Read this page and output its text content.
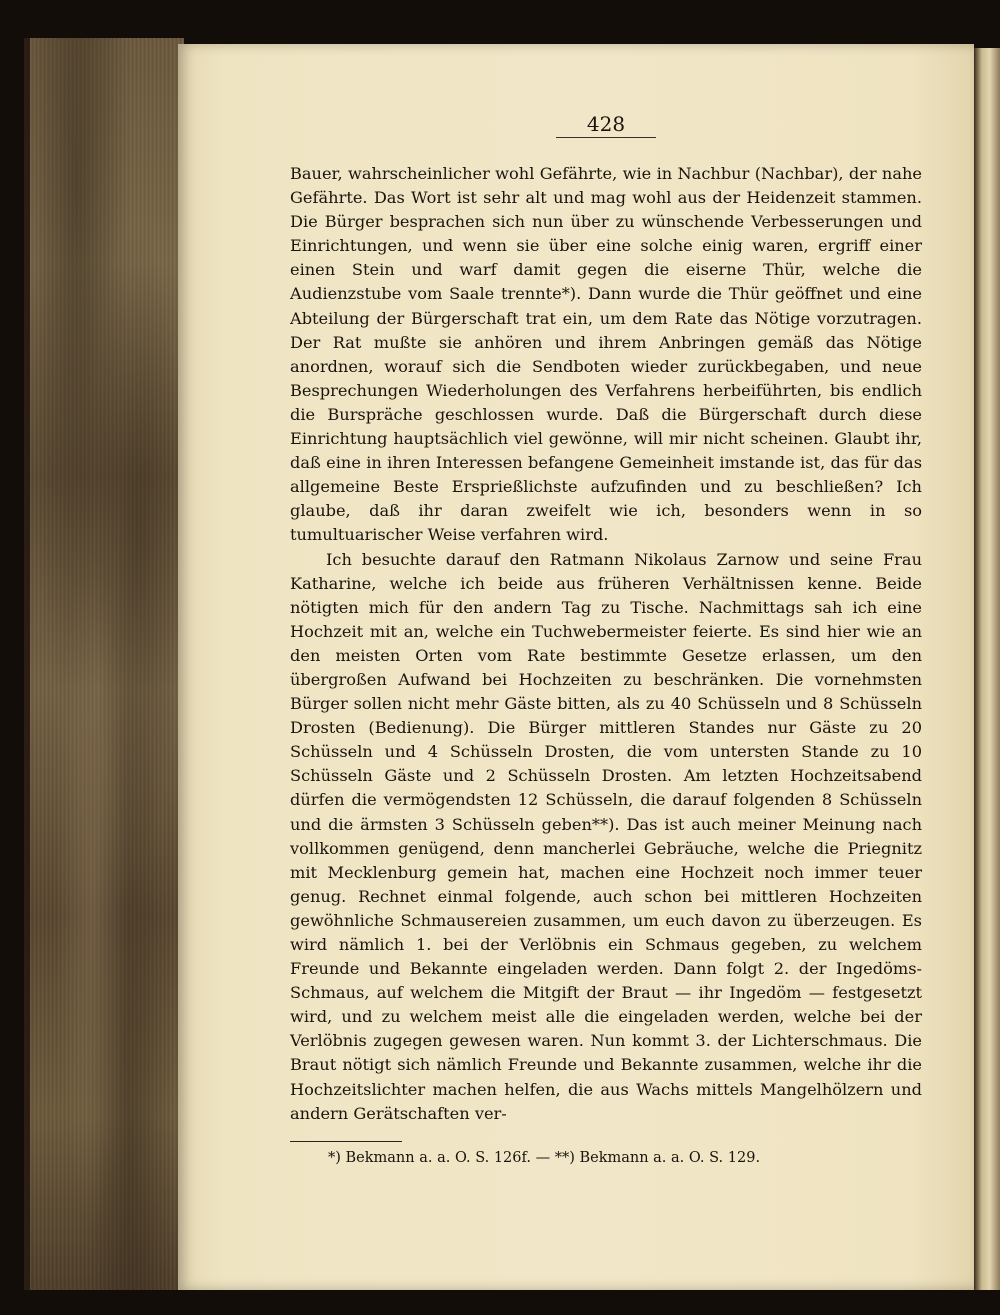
428

Bauer, wahrscheinlicher wohl Gefährte, wie in Nachbur (Nachbar), der nahe Gefährte. Das Wort ist sehr alt und mag wohl aus der Heidenzeit stammen. Die Bürger besprachen sich nun über zu wünschende Verbesserungen und Einrichtungen, und wenn sie über eine solche einig waren, ergriff einer einen Stein und warf damit gegen die eiserne Thür, welche die Audienzstube vom Saale trennte*). Dann wurde die Thür geöffnet und eine Abteilung der Bürgerschaft trat ein, um dem Rate das Nötige vorzutragen. Der Rat mußte sie anhören und ihrem Anbringen gemäß das Nötige anordnen, worauf sich die Sendboten wieder zurückbegaben, und neue Besprechungen Wiederholungen des Verfahrens herbeiführten, bis endlich die Burspräche geschlossen wurde. Daß die Bürgerschaft durch diese Einrichtung hauptsächlich viel gewönne, will mir nicht scheinen. Glaubt ihr, daß eine in ihren Interessen befangene Gemeinheit imstande ist, das für das allgemeine Beste Ersprießlichste aufzufinden und zu beschließen? Ich glaube, daß ihr daran zweifelt wie ich, besonders wenn in so tumultuarischer Weise verfahren wird.

Ich besuchte darauf den Ratmann Nikolaus Zarnow und seine Frau Katharine, welche ich beide aus früheren Verhältnissen kenne. Beide nötigten mich für den andern Tag zu Tische. Nachmittags sah ich eine Hochzeit mit an, welche ein Tuchwebermeister feierte. Es sind hier wie an den meisten Orten vom Rate bestimmte Gesetze erlassen, um den übergroßen Aufwand bei Hochzeiten zu beschränken. Die vornehmsten Bürger sollen nicht mehr Gäste bitten, als zu 40 Schüsseln und 8 Schüsseln Drosten (Bedienung). Die Bürger mittleren Standes nur Gäste zu 20 Schüsseln und 4 Schüsseln Drosten, die vom untersten Stande zu 10 Schüsseln Gäste und 2 Schüsseln Drosten. Am letzten Hochzeitsabend dürfen die vermögendsten 12 Schüsseln, die darauf folgenden 8 Schüsseln und die ärmsten 3 Schüsseln geben**). Das ist auch meiner Meinung nach vollkommen genügend, denn mancherlei Gebräuche, welche die Priegnitz mit Mecklenburg gemein hat, machen eine Hochzeit noch immer teuer genug. Rechnet einmal folgende, auch schon bei mittleren Hochzeiten gewöhnliche Schmausereien zusammen, um euch davon zu überzeugen. Es wird nämlich 1. bei der Verlöbnis ein Schmaus gegeben, zu welchem Freunde und Bekannte eingeladen werden. Dann folgt 2. der Ingedöms-Schmaus, auf welchem die Mitgift der Braut — ihr Ingedöm — festgesetzt wird, und zu welchem meist alle die eingeladen werden, welche bei der Verlöbnis zugegen gewesen waren. Nun kommt 3. der Lichterschmaus. Die Braut nötigt sich nämlich Freunde und Bekannte zusammen, welche ihr die Hochzeitslichter machen helfen, die aus Wachs mittels Mangelhölzern und andern Gerätschaften ver-

*) Bekmann a. a. O. S. 126f. — **) Bekmann a. a. O. S. 129.
